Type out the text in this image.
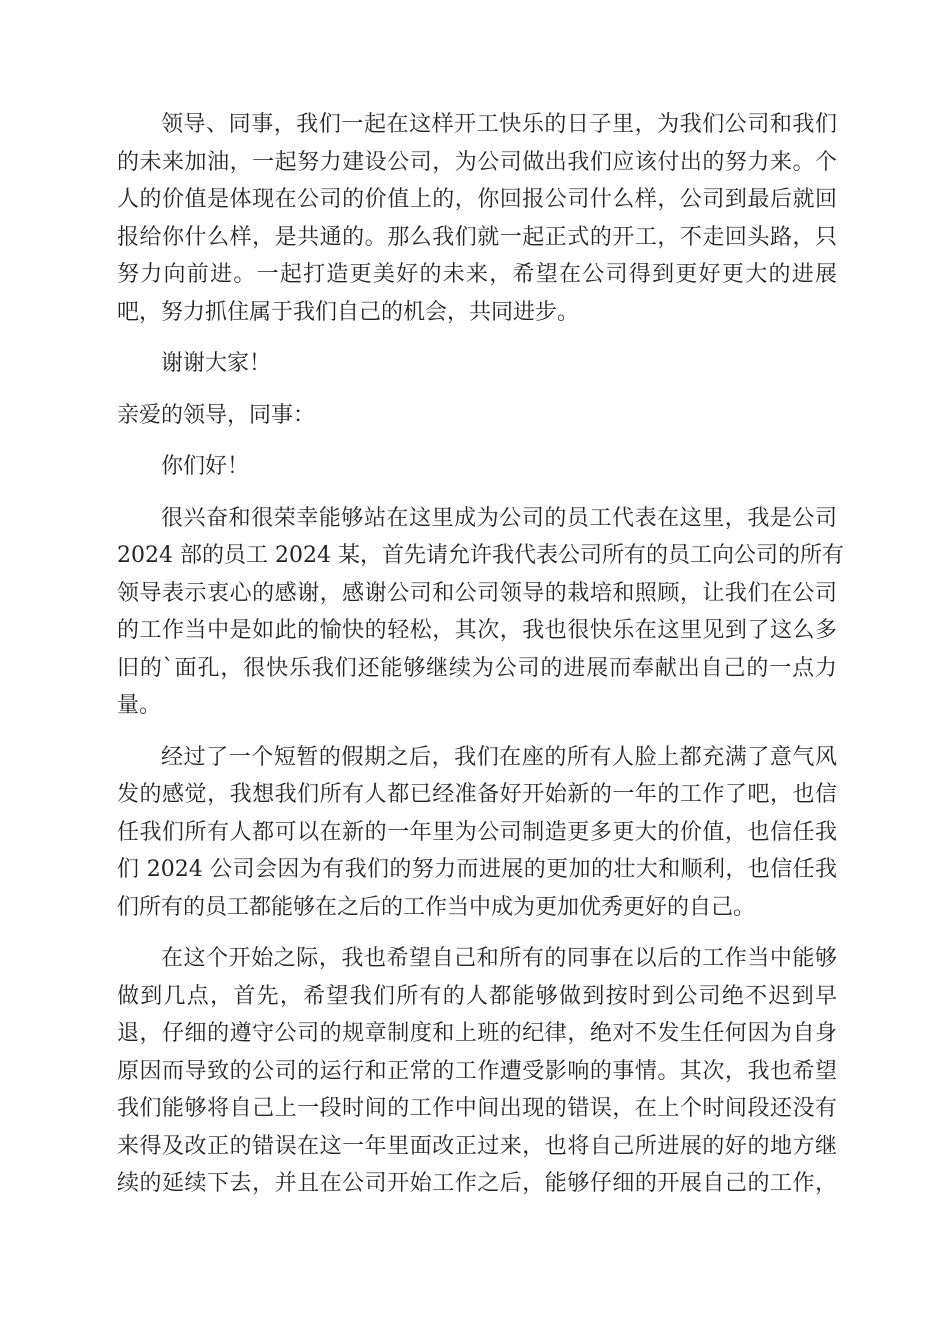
领导、同事，我们一起在这样开工快乐的日子里，为我们公司和我们
的未来加油，一起努力建设公司，为公司做出我们应该付出的努力来。个
人的价值是体现在公司的价值上的，你回报公司什么样，公司到最后就回
报给你什么样，是共通的。那么我们就一起正式的开工，不走回头路，只
努力向前进。一起打造更美好的未来，希望在公司得到更好更大的进展
吧，努力抓住属于我们自己的机会，共同进步。
谢谢大家！
亲爱的领导，同事：
你们好！
很兴奋和很荣幸能够站在这里成为公司的员工代表在这里，我是公司
2024 部的员工 2024 某，首先请允许我代表公司所有的员工向公司的所有
领导表示衷心的感谢，感谢公司和公司领导的栽培和照顾，让我们在公司
的工作当中是如此的愉快的轻松，其次，我也很快乐在这里见到了这么多
旧的`面孔，很快乐我们还能够继续为公司的进展而奉献出自己的一点力
量。
经过了一个短暂的假期之后，我们在座的所有人脸上都充满了意气风
发的感觉，我想我们所有人都已经准备好开始新的一年的工作了吧，也信
任我们所有人都可以在新的一年里为公司制造更多更大的价值，也信任我
们 2024 公司会因为有我们的努力而进展的更加的壮大和顺利，也信任我
们所有的员工都能够在之后的工作当中成为更加优秀更好的自己。
在这个开始之际，我也希望自己和所有的同事在以后的工作当中能够
做到几点，首先，希望我们所有的人都能够做到按时到公司绝不迟到早
退，仔细的遵守公司的规章制度和上班的纪律，绝对不发生任何因为自身
原因而导致的公司的运行和正常的工作遭受影响的事情。其次，我也希望
我们能够将自己上一段时间的工作中间出现的错误，在上个时间段还没有
来得及改正的错误在这一年里面改正过来，也将自己所进展的好的地方继
续的延续下去，并且在公司开始工作之后，能够仔细的开展自己的工作，
